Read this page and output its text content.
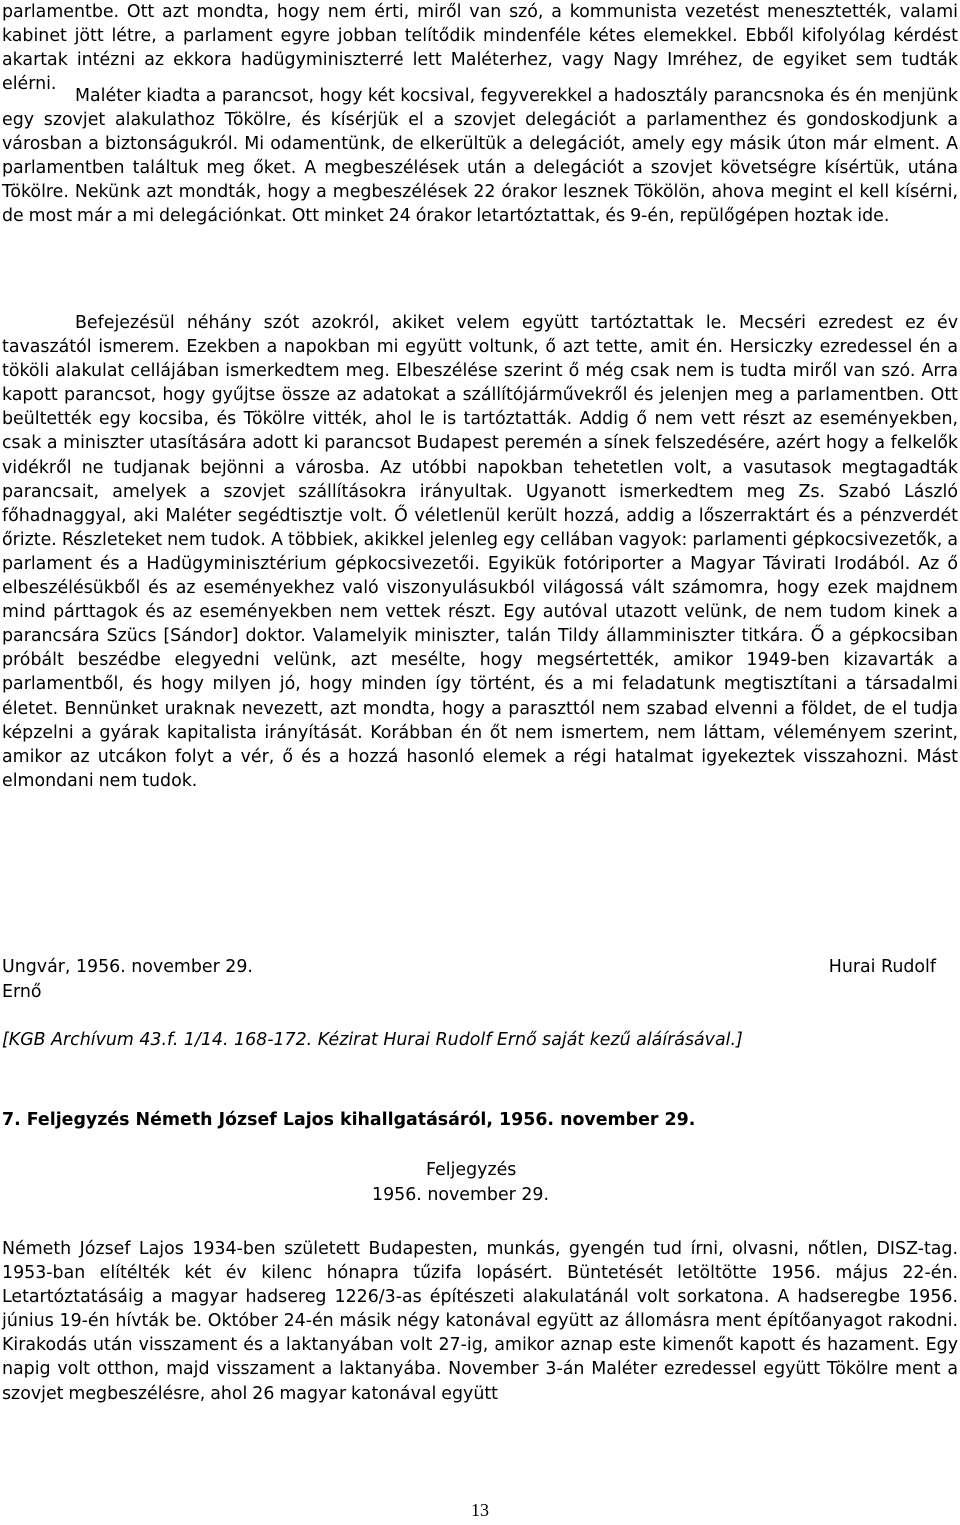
parlamentbe. Ott azt mondta, hogy nem érti, miről van szó, a kommunista vezetést menesztették, valami kabinet jött létre, a parlament egyre jobban telítődik mindenféle kétes elemekkel. Ebből kifolyólag kérdést akartak intézni az ekkora hadügyminiszterré lett Maléterhez, vagy Nagy Imréhez, de egyiket sem tudták elérni.

Maléter kiadta a parancsot, hogy két kocsival, fegyverekkel a hadosztály parancsnoka és én menjünk egy szovjet alakulathoz Tökölre, és kísérjük el a szovjet delegációt a parlamenthez és gondoskodjunk a városban a biztonságukról. Mi odamentünk, de elkerültük a delegációt, amely egy másik úton már elment. A parlamentben találtuk meg őket. A megbeszélések után a delegációt a szovjet követségre kísértük, utána Tökölre. Nekünk azt mondták, hogy a megbeszélések 22 órakor lesznek Tökölön, ahova megint el kell kísérni, de most már a mi delegációnkat. Ott minket 24 órakor letartóztattak, és 9-én, repülőgépen hoztak ide.

Befejezésül néhány szót azokról, akiket velem együtt tartóztattak le. Mecséri ezredest ez év tavaszától ismerem. Ezekben a napokban mi együtt voltunk, ő azt tette, amit én. Hersiczky ezredessel én a tököli alakulat cellájában ismerkedtem meg. Elbeszélése szerint ő még csak nem is tudta miről van szó. Arra kapott parancsot, hogy gyűjtse össze az adatokat a szállítójárművekről és jelenjen meg a parlamentben. Ott beültették egy kocsiba, és Tökölre vitték, ahol le is tartóztatták. Addig ő nem vett részt az eseményekben, csak a miniszter utasítására adott ki parancsot Budapest peremén a sínek felszedésére, azért hogy a felkelők vidékről ne tudjanak bejönni a városba. Az utóbbi napokban tehetetlen volt, a vasutasok megtagadták parancsait, amelyek a szovjet szállításokra irányultak. Ugyanott ismerkedtem meg Zs. Szabó László főhadnaggyal, aki Maléter segédtisztje volt. Ő véletlenül került hozzá, addig a lőszerraktárt és a pénzverdét őrizte. Részleteket nem tudok. A többiek, akikkel jelenleg egy cellában vagyok: parlamenti gépkocsivezetők, a parlament és a Hadügyminisztérium gépkocsivezetői. Egyikük fotóriporter a Magyar Távirati Irodából. Az ő elbeszélésükből és az eseményekhez való viszonyulásukból világossá vált számomra, hogy ezek majdnem mind párttagok és az eseményekben nem vettek részt. Egy autóval utazott velünk, de nem tudom kinek a parancsára Szücs [Sándor] doktor. Valamelyik miniszter, talán Tildy államminiszter titkára. Ő a gépkocsiban próbált beszédbe elegyedni velünk, azt mesélte, hogy megsértették, amikor 1949-ben kizavarták a parlamentből, és hogy milyen jó, hogy minden így történt, és a mi feladatunk megtisztítani a társadalmi életet. Bennünket uraknak nevezett, azt mondta, hogy a paraszttól nem szabad elvenni a földet, de el tudja képzelni a gyárak kapitalista irányítását. Korábban én őt nem ismertem, nem láttam, véleményem szerint, amikor az utcákon folyt a vér, ő és a hozzá hasonló elemek a régi hatalmat igyekeztek visszahozni. Mást elmondani nem tudok.

Ungvár, 1956. november 29.	Hurai Rudolf
Ernő
[KGB Archívum 43.f. 1/14. 168-172. Kézirat Hurai Rudolf Ernő saját kezű aláírásával.]
7. Feljegyzés Németh József Lajos kihallgatásáról, 1956. november 29.
Feljegyzés
1956. november 29.

Németh József Lajos 1934-ben született Budapesten, munkás, gyengén tud írni, olvasni, nőtlen, DISZ-tag. 1953-ban elítélték két év kilenc hónapra tűzifa lopásért. Büntetését letöltötte 1956. május 22-én. Letartóztatásáig a magyar hadsereg 1226/3-as építészeti alakulatánál volt sorkatona. A hadseregbe 1956. június 19-én hívták be. Október 24-én másik négy katonával együtt az állomásra ment építőanyagot rakodni. Kirakodás után visszament és a laktanyában volt 27-ig, amikor aznap este kimenőt kapott és hazament. Egy napig volt otthon, majd visszament a laktanyába. November 3-án Maléter ezredessel együtt Tökölre ment a szovjet megbeszélésre, ahol 26 magyar katonával együtt

13
